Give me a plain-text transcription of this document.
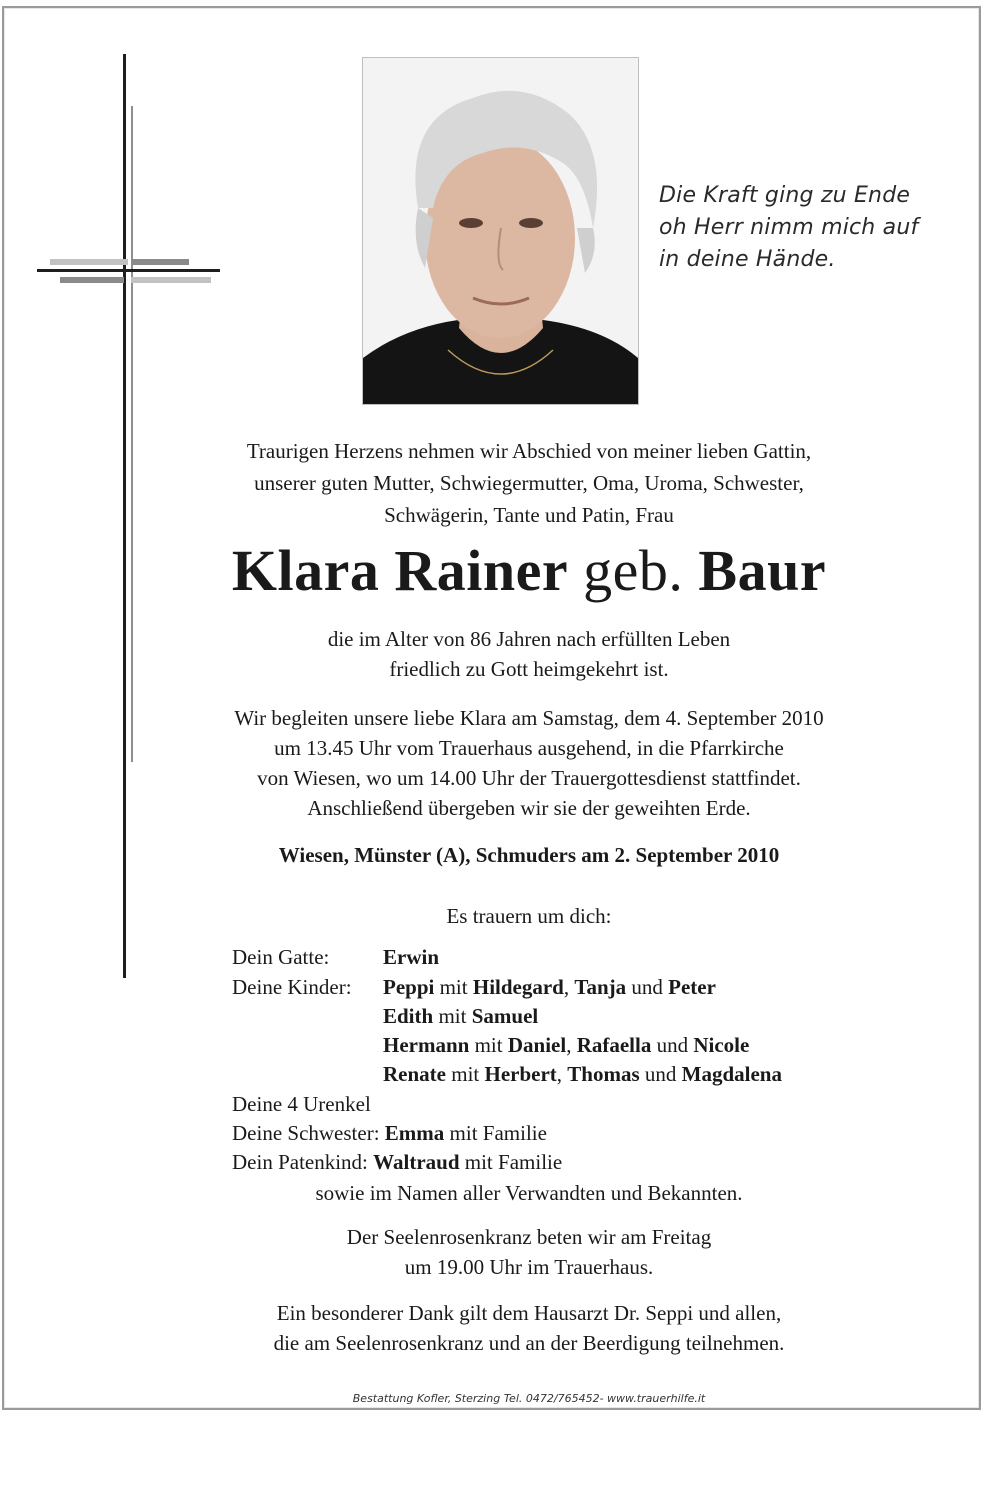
Die Kraft ging zu Ende
oh Herr nimm mich auf
in deine Hände.
Traurigen Herzens nehmen wir Abschied von meiner lieben Gattin,
unserer guten Mutter, Schwiegermutter, Oma, Uroma, Schwester,
Schwägerin, Tante und Patin, Frau
Klara Rainer geb. Baur
die im Alter von 86 Jahren nach erfüllten Leben
friedlich zu Gott heimgekehrt ist.
Wir begleiten unsere liebe Klara am Samstag, dem 4. September 2010
um 13.45 Uhr vom Trauerhaus ausgehend, in die Pfarrkirche
von Wiesen, wo um 14.00 Uhr der Trauergottesdienst stattfindet.
Anschließend übergeben wir sie der geweihten Erde.
Wiesen, Münster (A), Schmuders am 2. September 2010
Es trauern um dich:
Dein Gatte:	Erwin
Deine Kinder: Peppi mit Hildegard, Tanja und Peter
Edith mit Samuel
Hermann mit Daniel, Rafaella und Nicole
Renate mit Herbert, Thomas und Magdalena
Deine 4 Urenkel
Deine Schwester: Emma mit Familie
Dein Patenkind: Waltraud mit Familie
sowie im Namen aller Verwandten und Bekannten.
Der Seelenrosenkranz beten wir am Freitag
um 19.00 Uhr im Trauerhaus.
Ein besonderer Dank gilt dem Hausarzt Dr. Seppi und allen,
die am Seelenrosenkranz und an der Beerdigung teilnehmen.
Bestattung Kofler, Sterzing Tel. 0472/765452- www.trauerhilfe.it
